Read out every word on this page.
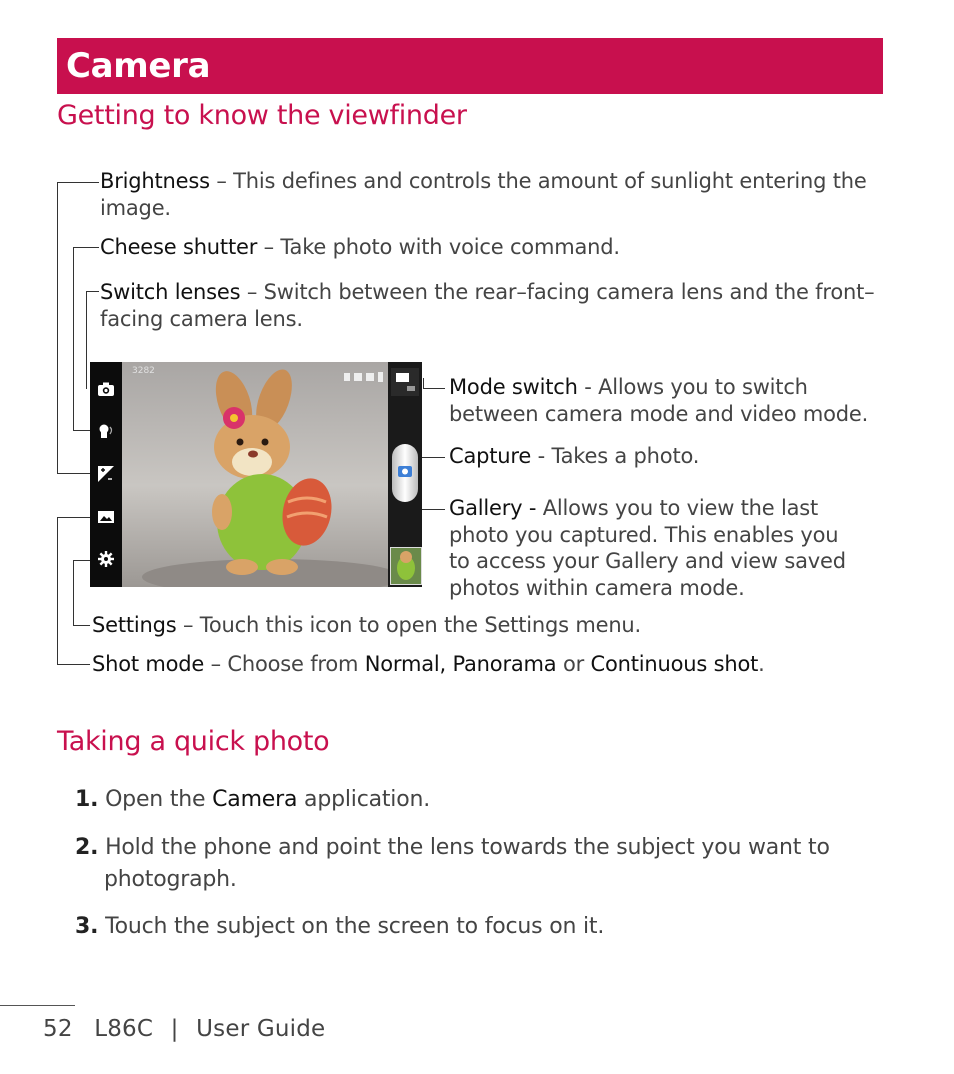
Camera
Getting to know the viewfinder
Brightness – This defines and controls the amount of sunlight entering the
image.
Cheese shutter – Take photo with voice command.
Switch lenses – Switch between the rear–facing camera lens and the front–
facing camera lens.
Mode switch - Allows you to switch
between camera mode and video mode.
Capture - Takes a photo.
Gallery - Allows you to view the last
photo you captured. This enables you
to access your Gallery and view saved
photos within camera mode.
Settings – Touch this icon to open the Settings menu.
Shot mode – Choose from Normal, Panorama or Continuous shot.
3282
Taking a quick photo
1. Open the Camera application.
2. Hold the phone and point the lens towards the subject you want to
photograph.
3. Touch the subject on the screen to focus on it.
52 L86C | User Guide
